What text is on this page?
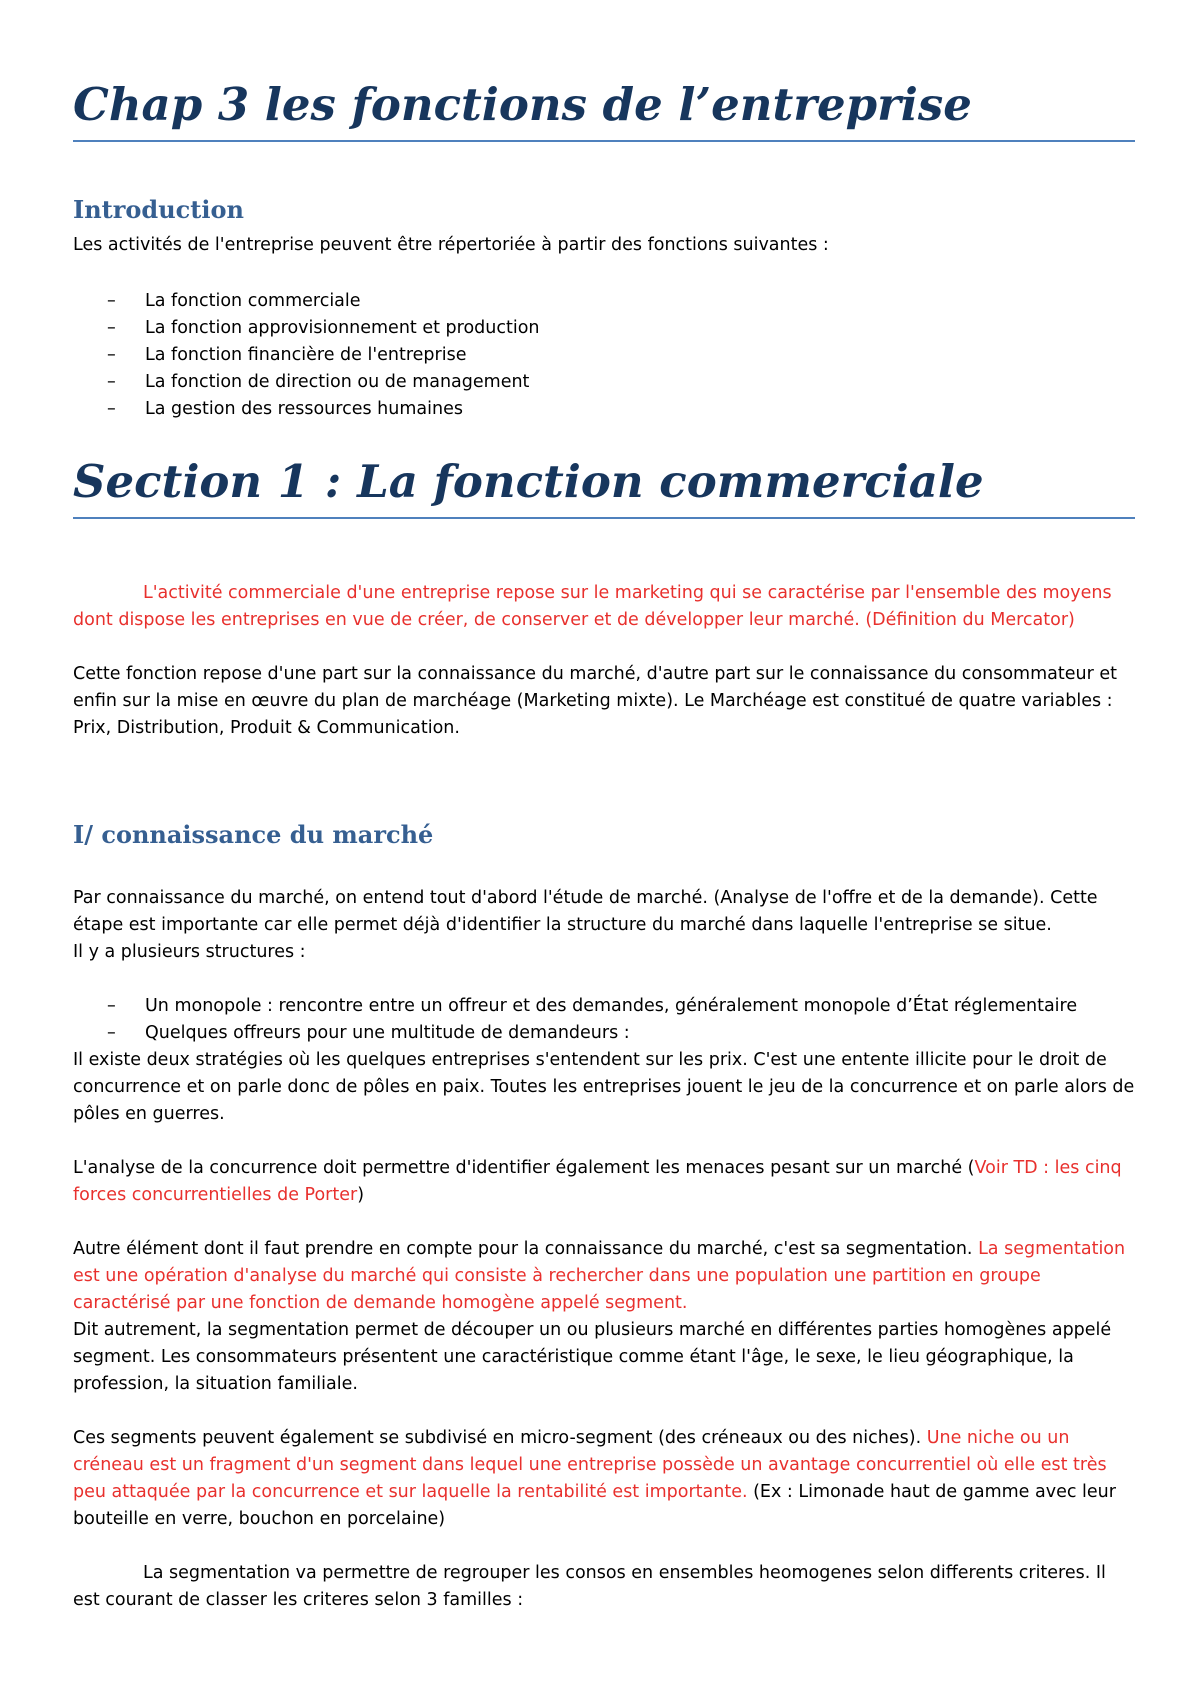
Chap 3 les fonctions de l’entreprise
Introduction

Les activités de l'entreprise peuvent être répertoriée à partir des fonctions suivantes :

– La fonction commerciale
– La fonction approvisionnement et production
– La fonction financière de l'entreprise
– La fonction de direction ou de management
– La gestion des ressources humaines
Section 1 : La fonction commerciale

L'activité commerciale d'une entreprise repose sur le marketing qui se caractérise par l'ensemble des moyens dont dispose les entreprises en vue de créer, de conserver et de développer leur marché. (Définition du Mercator)

Cette fonction repose d'une part sur la connaissance du marché, d'autre part sur le connaissance du consommateur et enfin sur la mise en œuvre du plan de marchéage (Marketing mixte). Le Marchéage est constitué de quatre variables : Prix, Distribution, Produit & Communication.

I/ connaissance du marché

Par connaissance du marché, on entend tout d'abord l'étude de marché. (Analyse de l'offre et de la demande). Cette étape est importante car elle permet déjà d'identifier la structure du marché dans laquelle l'entreprise se situe.

Il y a plusieurs structures :

– Un monopole : rencontre entre un offreur et des demandes, généralement monopole d’État réglementaire
– Quelques offreurs pour une multitude de demandeurs :

Il existe deux stratégies où les quelques entreprises s'entendent sur les prix. C'est une entente illicite pour le droit de concurrence et on parle donc de pôles en paix. Toutes les entreprises jouent le jeu de la concurrence et on parle alors de pôles en guerres.

L'analyse de la concurrence doit permettre d'identifier également les menaces pesant sur un marché (Voir TD : les cinq forces concurrentielles de Porter)

Autre élément dont il faut prendre en compte pour la connaissance du marché, c'est sa segmentation. La segmentation est une opération d'analyse du marché qui consiste à rechercher dans une population une partition en groupe caractérisé par une fonction de demande homogène appelé segment.

Dit autrement, la segmentation permet de découper un ou plusieurs marché en différentes parties homogènes appelé segment. Les consommateurs présentent une caractéristique comme étant l'âge, le sexe, le lieu géographique, la profession, la situation familiale.

Ces segments peuvent également se subdivisé en micro-segment (des créneaux ou des niches). Une niche ou un créneau est un fragment d'un segment dans lequel une entreprise possède un avantage concurrentiel où elle est très peu attaquée par la concurrence et sur laquelle la rentabilité est importante. (Ex : Limonade haut de gamme avec leur bouteille en verre, bouchon en porcelaine)

La segmentation va permettre de regrouper les consos en ensembles heomogenes selon differents criteres. Il est courant de classer les criteres selon 3 familles :
